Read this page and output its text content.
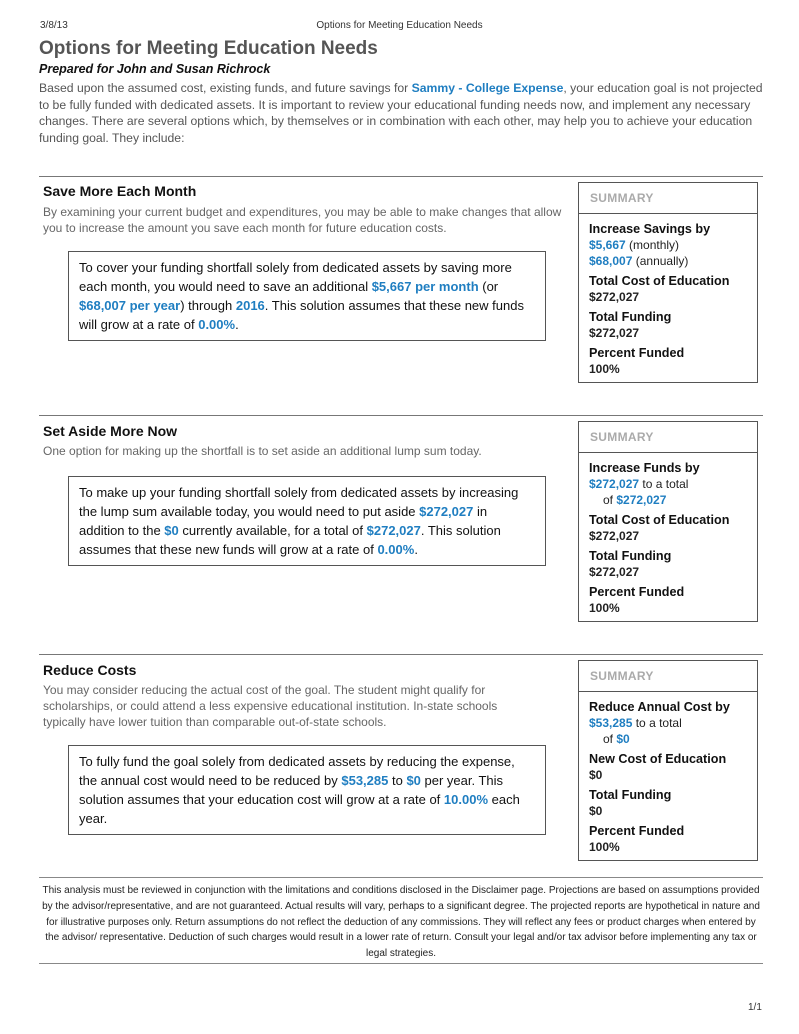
3/8/13	Options for Meeting Education Needs
Options for Meeting Education Needs
Prepared for John and Susan Richrock
Based upon the assumed cost, existing funds, and future savings for Sammy - College Expense, your education goal is not projected to be fully funded with dedicated assets. It is important to review your educational funding needs now, and implement any necessary changes. There are several options which, by themselves or in combination with each other, may help you to achieve your education funding goal. They include:
Save More Each Month
By examining your current budget and expenditures, you may be able to make changes that allow you to increase the amount you save each month for future education costs.
To cover your funding shortfall solely from dedicated assets by saving more each month, you would need to save an additional $5,667 per month (or $68,007 per year) through 2016. This solution assumes that these new funds will grow at a rate of 0.00%.
SUMMARY
Increase Savings by
$5,667 (monthly)
$68,007 (annually)
Total Cost of Education
$272,027
Total Funding
$272,027
Percent Funded
100%
Set Aside More Now
One option for making up the shortfall is to set aside an additional lump sum today.
To make up your funding shortfall solely from dedicated assets by increasing the lump sum available today, you would need to put aside $272,027 in addition to the $0 currently available, for a total of $272,027. This solution assumes that these new funds will grow at a rate of 0.00%.
SUMMARY
Increase Funds by
$272,027 to a total
of $272,027
Total Cost of Education
$272,027
Total Funding
$272,027
Percent Funded
100%
Reduce Costs
You may consider reducing the actual cost of the goal. The student might qualify for scholarships, or could attend a less expensive educational institution. In-state schools typically have lower tuition than comparable out-of-state schools.
To fully fund the goal solely from dedicated assets by reducing the expense, the annual cost would need to be reduced by $53,285 to $0 per year. This solution assumes that your education cost will grow at a rate of 10.00% each year.
SUMMARY
Reduce Annual Cost by
$53,285 to a total
of $0
New Cost of Education
$0
Total Funding
$0
Percent Funded
100%
This analysis must be reviewed in conjunction with the limitations and conditions disclosed in the Disclaimer page. Projections are based on assumptions provided by the advisor/representative, and are not guaranteed. Actual results will vary, perhaps to a significant degree. The projected reports are hypothetical in nature and for illustrative purposes only. Return assumptions do not reflect the deduction of any commissions. They will reflect any fees or product charges when entered by the advisor/ representative. Deduction of such charges would result in a lower rate of return. Consult your legal and/or tax advisor before implementing any tax or legal strategies.
1/1
